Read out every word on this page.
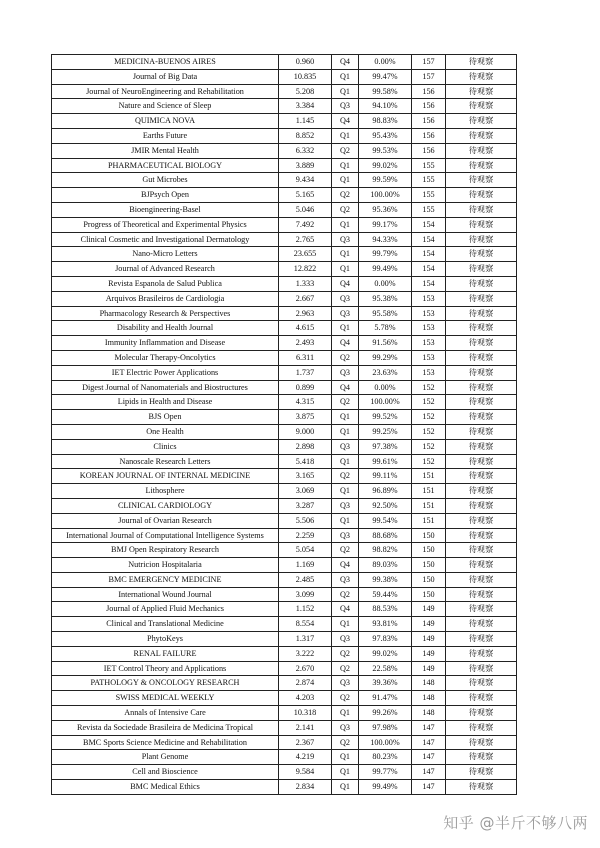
MEDICINA-BUENOS AIRES	0.960	Q4	0.00%	157	待观察
Journal of Big Data	10.835	Q1	99.47%	157	待观察
Journal of NeuroEngineering and Rehabilitation	5.208	Q1	99.58%	156	待观察
Nature and Science of Sleep	3.384	Q3	94.10%	156	待观察
QUIMICA NOVA	1.145	Q4	98.83%	156	待观察
Earths Future	8.852	Q1	95.43%	156	待观察
JMIR Mental Health	6.332	Q2	99.53%	156	待观察
PHARMACEUTICAL BIOLOGY	3.889	Q1	99.02%	155	待观察
Gut Microbes	9.434	Q1	99.59%	155	待观察
BJPsych Open	5.165	Q2	100.00%	155	待观察
Bioengineering-Basel	5.046	Q2	95.36%	155	待观察
Progress of Theoretical and Experimental Physics	7.492	Q1	99.17%	154	待观察
Clinical Cosmetic and Investigational Dermatology	2.765	Q3	94.33%	154	待观察
Nano-Micro Letters	23.655	Q1	99.79%	154	待观察
Journal of Advanced Research	12.822	Q1	99.49%	154	待观察
Revista Espanola de Salud Publica	1.333	Q4	0.00%	154	待观察
Arquivos Brasileiros de Cardiologia	2.667	Q3	95.38%	153	待观察
Pharmacology Research & Perspectives	2.963	Q3	95.58%	153	待观察
Disability and Health Journal	4.615	Q1	5.78%	153	待观察
Immunity Inflammation and Disease	2.493	Q4	91.56%	153	待观察
Molecular Therapy-Oncolytics	6.311	Q2	99.29%	153	待观察
IET Electric Power Applications	1.737	Q3	23.63%	153	待观察
Digest Journal of Nanomaterials and Biostructures	0.899	Q4	0.00%	152	待观察
Lipids in Health and Disease	4.315	Q2	100.00%	152	待观察
BJS Open	3.875	Q1	99.52%	152	待观察
One Health	9.000	Q1	99.25%	152	待观察
Clinics	2.898	Q3	97.38%	152	待观察
Nanoscale Research Letters	5.418	Q1	99.61%	152	待观察
KOREAN JOURNAL OF INTERNAL MEDICINE	3.165	Q2	99.11%	151	待观察
Lithosphere	3.069	Q1	96.89%	151	待观察
CLINICAL CARDIOLOGY	3.287	Q3	92.50%	151	待观察
Journal of Ovarian Research	5.506	Q1	99.54%	151	待观察
International Journal of Computational Intelligence Systems	2.259	Q3	88.68%	150	待观察
BMJ Open Respiratory Research	5.054	Q2	98.82%	150	待观察
Nutricion Hospitalaria	1.169	Q4	89.03%	150	待观察
BMC EMERGENCY MEDICINE	2.485	Q3	99.38%	150	待观察
International Wound Journal	3.099	Q2	59.44%	150	待观察
Journal of Applied Fluid Mechanics	1.152	Q4	88.53%	149	待观察
Clinical and Translational Medicine	8.554	Q1	93.81%	149	待观察
PhytoKeys	1.317	Q3	97.83%	149	待观察
RENAL FAILURE	3.222	Q2	99.02%	149	待观察
IET Control Theory and Applications	2.670	Q2	22.58%	149	待观察
PATHOLOGY & ONCOLOGY RESEARCH	2.874	Q3	39.36%	148	待观察
SWISS MEDICAL WEEKLY	4.203	Q2	91.47%	148	待观察
Annals of Intensive Care	10.318	Q1	99.26%	148	待观察
Revista da Sociedade Brasileira de Medicina Tropical	2.141	Q3	97.98%	147	待观察
BMC Sports Science Medicine and Rehabilitation	2.367	Q2	100.00%	147	待观察
Plant Genome	4.219	Q1	80.23%	147	待观察
Cell and Bioscience	9.584	Q1	99.77%	147	待观察
BMC Medical Ethics	2.834	Q1	99.49%	147	待观察
知乎 @半斤不够八两
